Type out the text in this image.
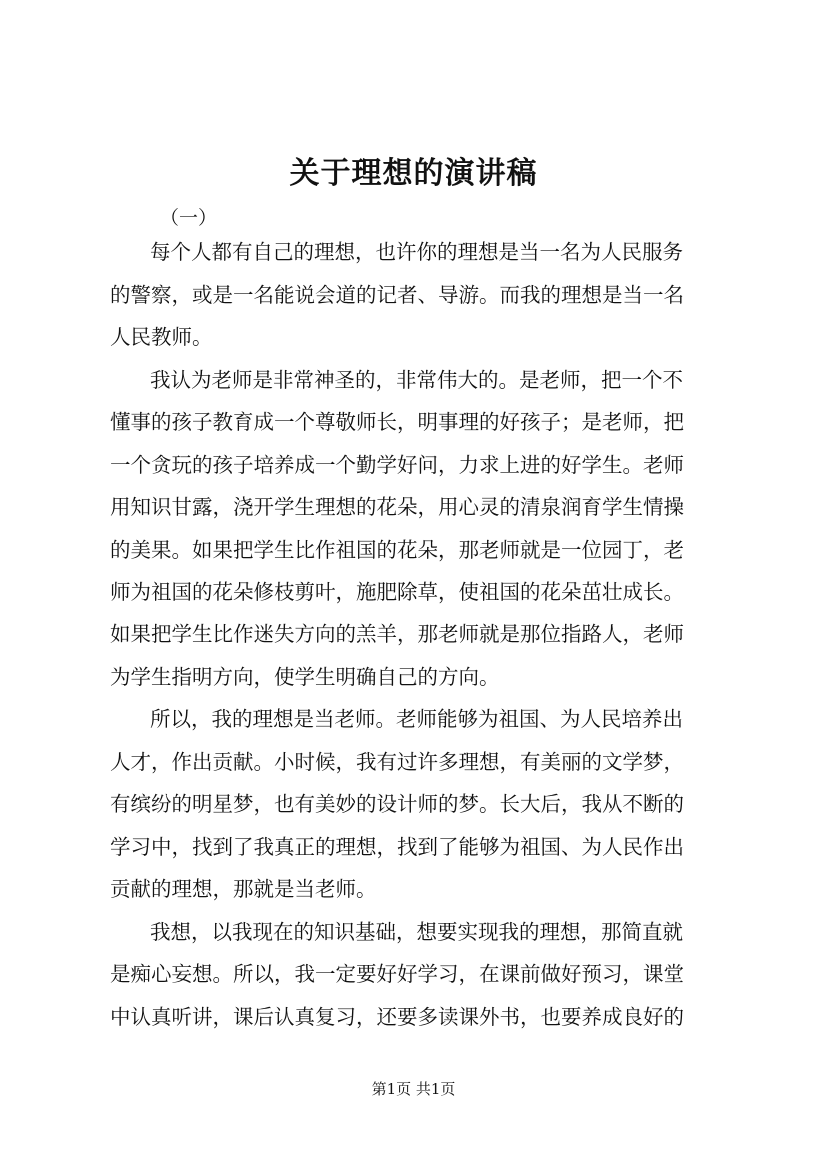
关于理想的演讲稿

（一）

每个人都有自己的理想，也许你的理想是当一名为人民服务

的警察，或是一名能说会道的记者、导游。而我的理想是当一名

人民教师。

我认为老师是非常神圣的，非常伟大的。是老师，把一个不

懂事的孩子教育成一个尊敬师长，明事理的好孩子；是老师，把

一个贪玩的孩子培养成一个勤学好问，力求上进的好学生。老师

用知识甘露，浇开学生理想的花朵，用心灵的清泉润育学生情操

的美果。如果把学生比作祖国的花朵，那老师就是一位园丁，老

师为祖国的花朵修枝剪叶，施肥除草，使祖国的花朵茁壮成长。

如果把学生比作迷失方向的羔羊，那老师就是那位指路人，老师

为学生指明方向，使学生明确自己的方向。

所以，我的理想是当老师。老师能够为祖国、为人民培养出

人才，作出贡献。小时候，我有过许多理想，有美丽的文学梦，

有缤纷的明星梦，也有美妙的设计师的梦。长大后，我从不断的

学习中，找到了我真正的理想，找到了能够为祖国、为人民作出

贡献的理想，那就是当老师。

我想，以我现在的知识基础，想要实现我的理想，那简直就

是痴心妄想。所以，我一定要好好学习，在课前做好预习，课堂

中认真听讲，课后认真复习，还要多读课外书，也要养成良好的

第1页 共1页
